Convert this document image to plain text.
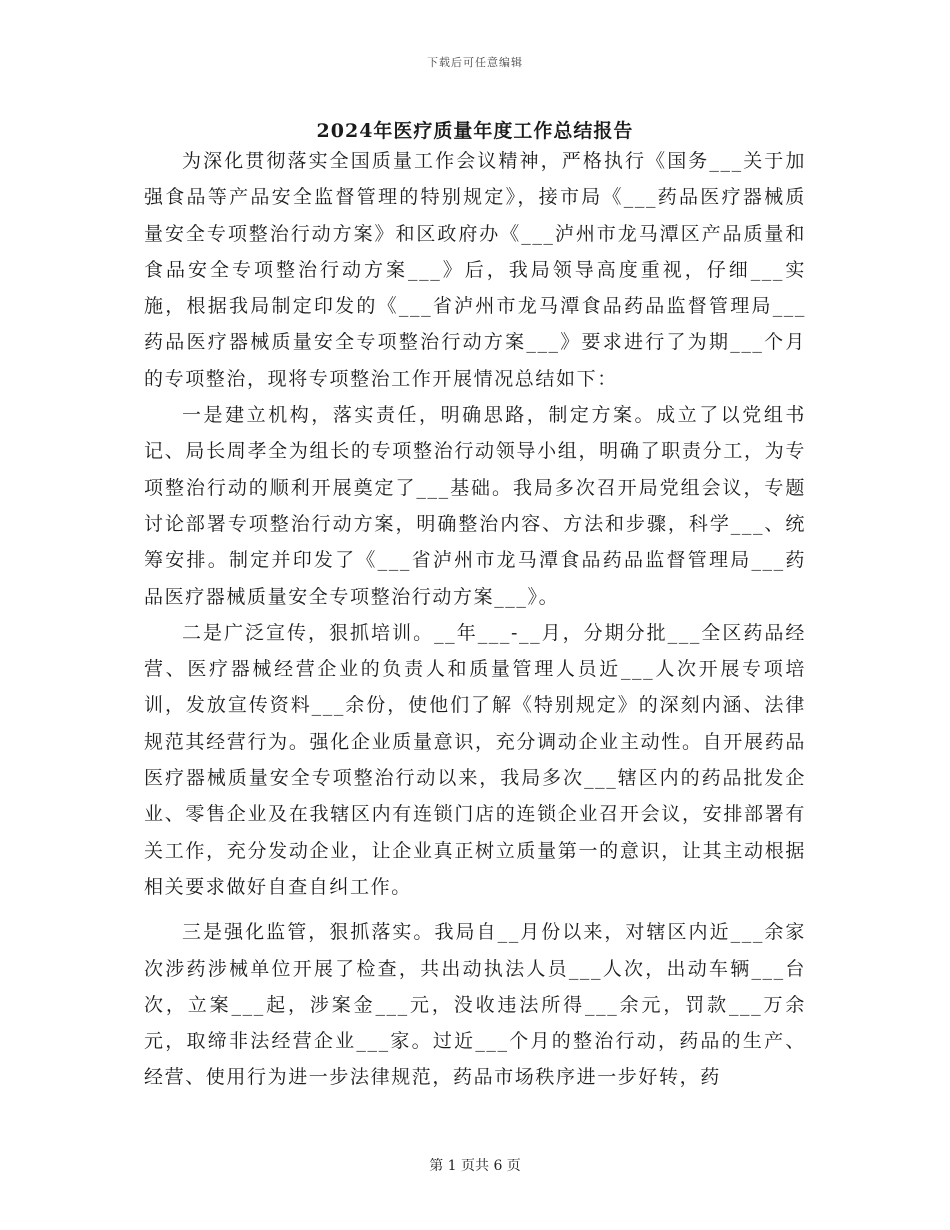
下载后可任意编辑
2024年医疗质量年度工作总结报告

为深化贯彻落实全国质量工作会议精神，严格执行《国务___关于加强食品等产品安全监督管理的特别规定》，接市局《___药品医疗器械质量安全专项整治行动方案》和区政府办《___泸州市龙马潭区产品质量和食品安全专项整治行动方案___》后，我局领导高度重视，仔细___实施，根据我局制定印发的《___省泸州市龙马潭食品药品监督管理局___药品医疗器械质量安全专项整治行动方案___》要求进行了为期___个月的专项整治，现将专项整治工作开展情况总结如下：

一是建立机构，落实责任，明确思路，制定方案。成立了以党组书记、局长周孝全为组长的专项整治行动领导小组，明确了职责分工，为专项整治行动的顺利开展奠定了___基础。我局多次召开局党组会议，专题讨论部署专项整治行动方案，明确整治内容、方法和步骤，科学___、统筹安排。制定并印发了《___省泸州市龙马潭食品药品监督管理局___药品医疗器械质量安全专项整治行动方案___》。

二是广泛宣传，狠抓培训。__年___-__月，分期分批___全区药品经营、医疗器械经营企业的负责人和质量管理人员近___人次开展专项培训，发放宣传资料___余份，使他们了解《特别规定》的深刻内涵、法律规范其经营行为。强化企业质量意识，充分调动企业主动性。自开展药品医疗器械质量安全专项整治行动以来，我局多次___辖区内的药品批发企业、零售企业及在我辖区内有连锁门店的连锁企业召开会议，安排部署有关工作，充分发动企业，让企业真正树立质量第一的意识，让其主动根据相关要求做好自查自纠工作。

三是强化监管，狠抓落实。我局自__月份以来，对辖区内近___余家次涉药涉械单位开展了检查，共出动执法人员___人次，出动车辆___台次，立案___起，涉案金___元，没收违法所得___余元，罚款___万余元，取缔非法经营企业___家。过近___个月的整治行动，药品的生产、经营、使用行为进一步法律规范，药品市场秩序进一步好转，药

第 1 页共 6 页
